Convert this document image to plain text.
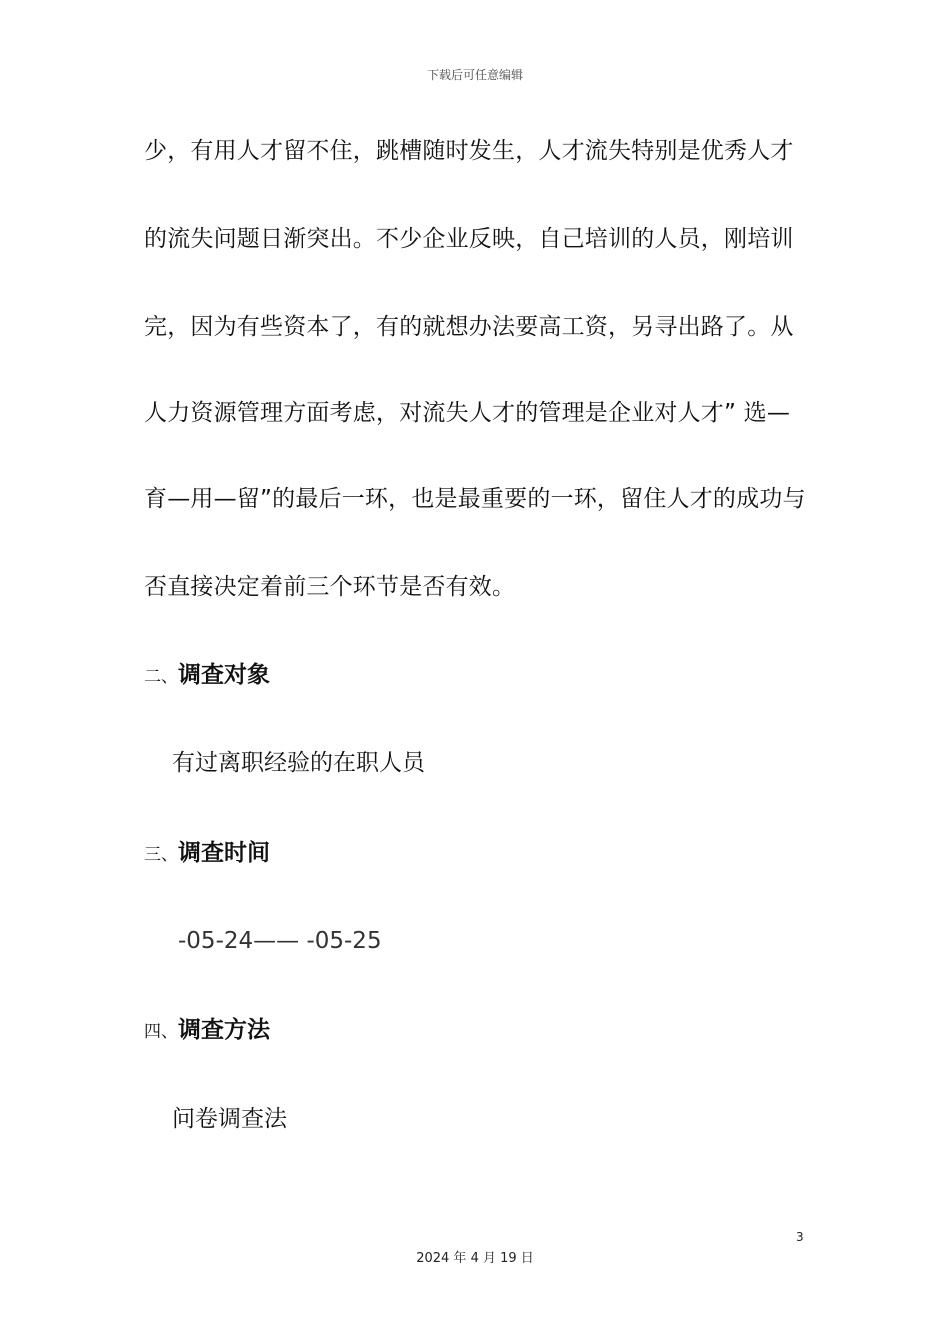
下载后可任意编辑
少，有用人才留不住，跳槽随时发生，人才流失特别是优秀人才
的流失问题日渐突出。不少企业反映，自己培训的人员，刚培训
完，因为有些资本了，有的就想办法要高工资，另寻出路了。从
人力资源管理方面考虑，对流失人才的管理是企业对人才” 选—
育—用—留”的最后一环，也是最重要的一环，留住人才的成功与
否直接决定着前三个环节是否有效。
二、调查对象
有过离职经验的在职人员
三、调查时间
-05-24—— -05-25
四、调查方法
问卷调查法
3
2024 年 4 月 19 日
